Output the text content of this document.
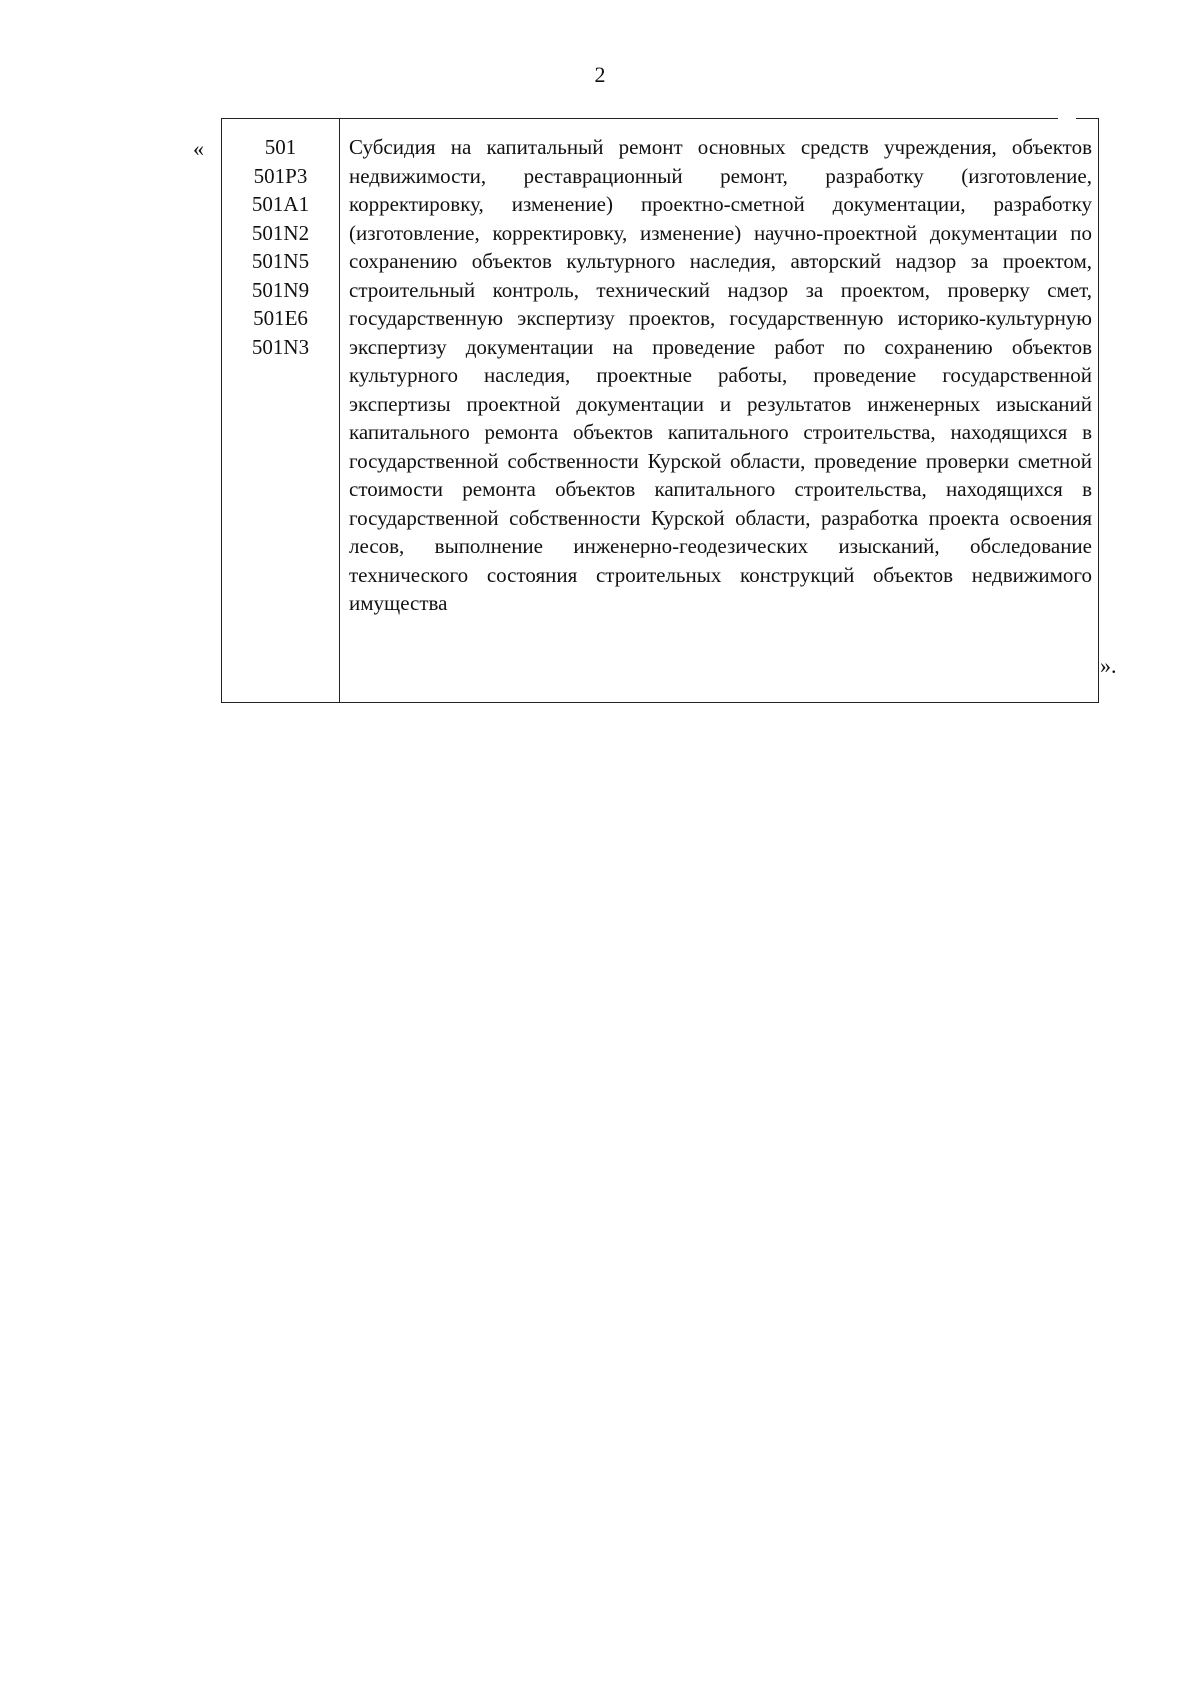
2
«	501
501P3
501A1
501N2
501N5
501N9
501E6
501N3
Субсидия на капитальный ремонт основных средств учреждения, объектов недвижимости, реставрационный ремонт, разработку (изготовление, корректировку, изменение) проектно-сметной документации, разработку (изготовление, корректировку, изменение) научно-проектной документации по сохранению объектов культурного наследия, авторский надзор за проектом, строительный контроль, технический надзор за проектом, проверку смет, государственную экспертизу проектов, государственную историко-культурную экспертизу документации на проведение работ по сохранению объектов культурного наследия, проектные работы, проведение государственной экспертизы проектной документации и результатов инженерных изысканий капитального ремонта объектов капитального строительства, находящихся в государственной собственности Курской области, проведение проверки сметной стоимости ремонта объектов капитального строительства, находящихся в государственной собственности Курской области, разработка проекта освоения лесов, выполнение инженерно-геодезических изысканий, обследование технического состояния строительных конструкций объектов недвижимого имущества
».
